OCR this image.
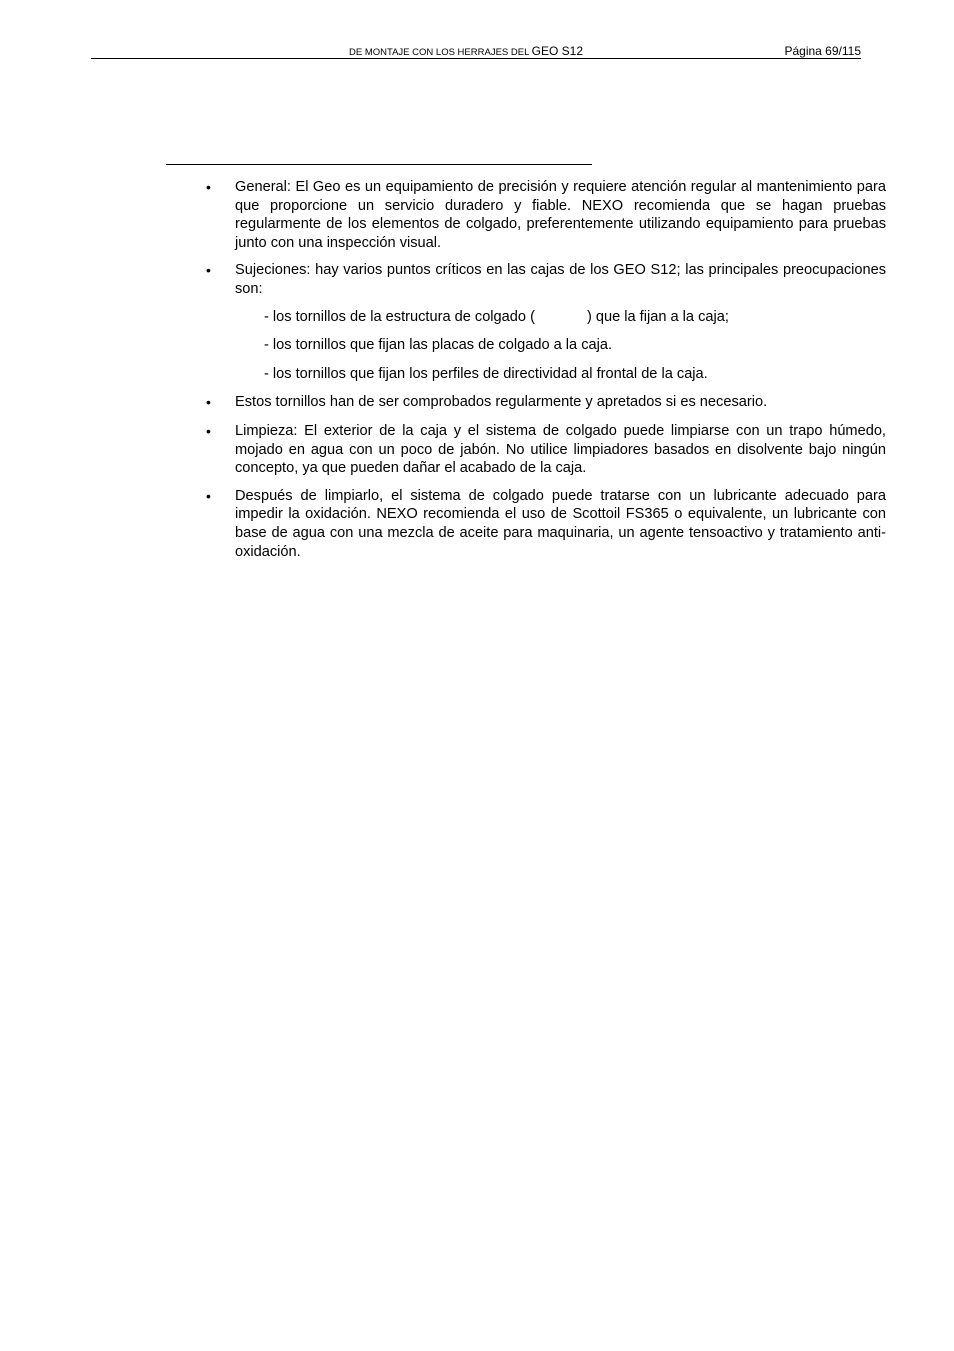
DE MONTAJE CON LOS HERRAJES DEL GEO S12	Página 69/115
• General: El Geo es un equipamiento de precisión y requiere atención regular al mantenimiento para que proporcione un servicio duradero y fiable. NEXO recomienda que se hagan pruebas regularmente de los elementos de colgado, preferentemente utilizando equipamiento para pruebas junto con una inspección visual.
• Sujeciones: hay varios puntos críticos en las cajas de los GEO S12; las principales preocupaciones son:
- los tornillos de la estructura de colgado (	) que la fijan a la caja;
- los tornillos que fijan las placas de colgado a la caja.
- los tornillos que fijan los perfiles de directividad al frontal de la caja.
• Estos tornillos han de ser comprobados regularmente y apretados si es necesario.
• Limpieza: El exterior de la caja y el sistema de colgado puede limpiarse con un trapo húmedo, mojado en agua con un poco de jabón. No utilice limpiadores basados en disolvente bajo ningún concepto, ya que pueden dañar el acabado de la caja.
• Después de limpiarlo, el sistema de colgado puede tratarse con un lubricante adecuado para impedir la oxidación. NEXO recomienda el uso de Scottoil FS365 o equivalente, un lubricante con base de agua con una mezcla de aceite para maquinaria, un agente tensoactivo y tratamiento anti-oxidación.
